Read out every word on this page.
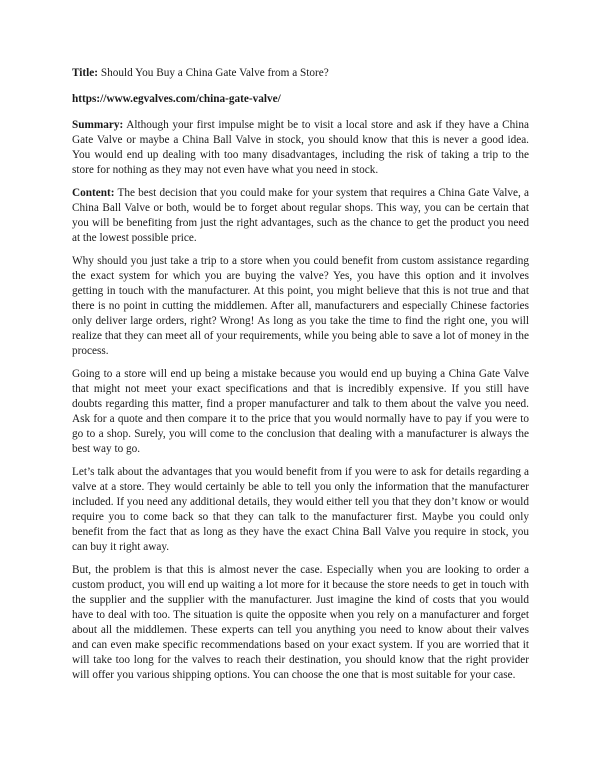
Title: Should You Buy a China Gate Valve from a Store?

https://www.egvalves.com/china-gate-valve/

Summary: Although your first impulse might be to visit a local store and ask if they have a China Gate Valve or maybe a China Ball Valve in stock, you should know that this is never a good idea. You would end up dealing with too many disadvantages, including the risk of taking a trip to the store for nothing as they may not even have what you need in stock.

Content: The best decision that you could make for your system that requires a China Gate Valve, a China Ball Valve or both, would be to forget about regular shops. This way, you can be certain that you will be benefiting from just the right advantages, such as the chance to get the product you need at the lowest possible price.

Why should you just take a trip to a store when you could benefit from custom assistance regarding the exact system for which you are buying the valve? Yes, you have this option and it involves getting in touch with the manufacturer. At this point, you might believe that this is not true and that there is no point in cutting the middlemen. After all, manufacturers and especially Chinese factories only deliver large orders, right? Wrong! As long as you take the time to find the right one, you will realize that they can meet all of your requirements, while you being able to save a lot of money in the process.

Going to a store will end up being a mistake because you would end up buying a China Gate Valve that might not meet your exact specifications and that is incredibly expensive. If you still have doubts regarding this matter, find a proper manufacturer and talk to them about the valve you need. Ask for a quote and then compare it to the price that you would normally have to pay if you were to go to a shop. Surely, you will come to the conclusion that dealing with a manufacturer is always the best way to go.

Let’s talk about the advantages that you would benefit from if you were to ask for details regarding a valve at a store. They would certainly be able to tell you only the information that the manufacturer included. If you need any additional details, they would either tell you that they don’t know or would require you to come back so that they can talk to the manufacturer first. Maybe you could only benefit from the fact that as long as they have the exact China Ball Valve you require in stock, you can buy it right away.

But, the problem is that this is almost never the case. Especially when you are looking to order a custom product, you will end up waiting a lot more for it because the store needs to get in touch with the supplier and the supplier with the manufacturer. Just imagine the kind of costs that you would have to deal with too. The situation is quite the opposite when you rely on a manufacturer and forget about all the middlemen. These experts can tell you anything you need to know about their valves and can even make specific recommendations based on your exact system. If you are worried that it will take too long for the valves to reach their destination, you should know that the right provider will offer you various shipping options. You can choose the one that is most suitable for your case.
